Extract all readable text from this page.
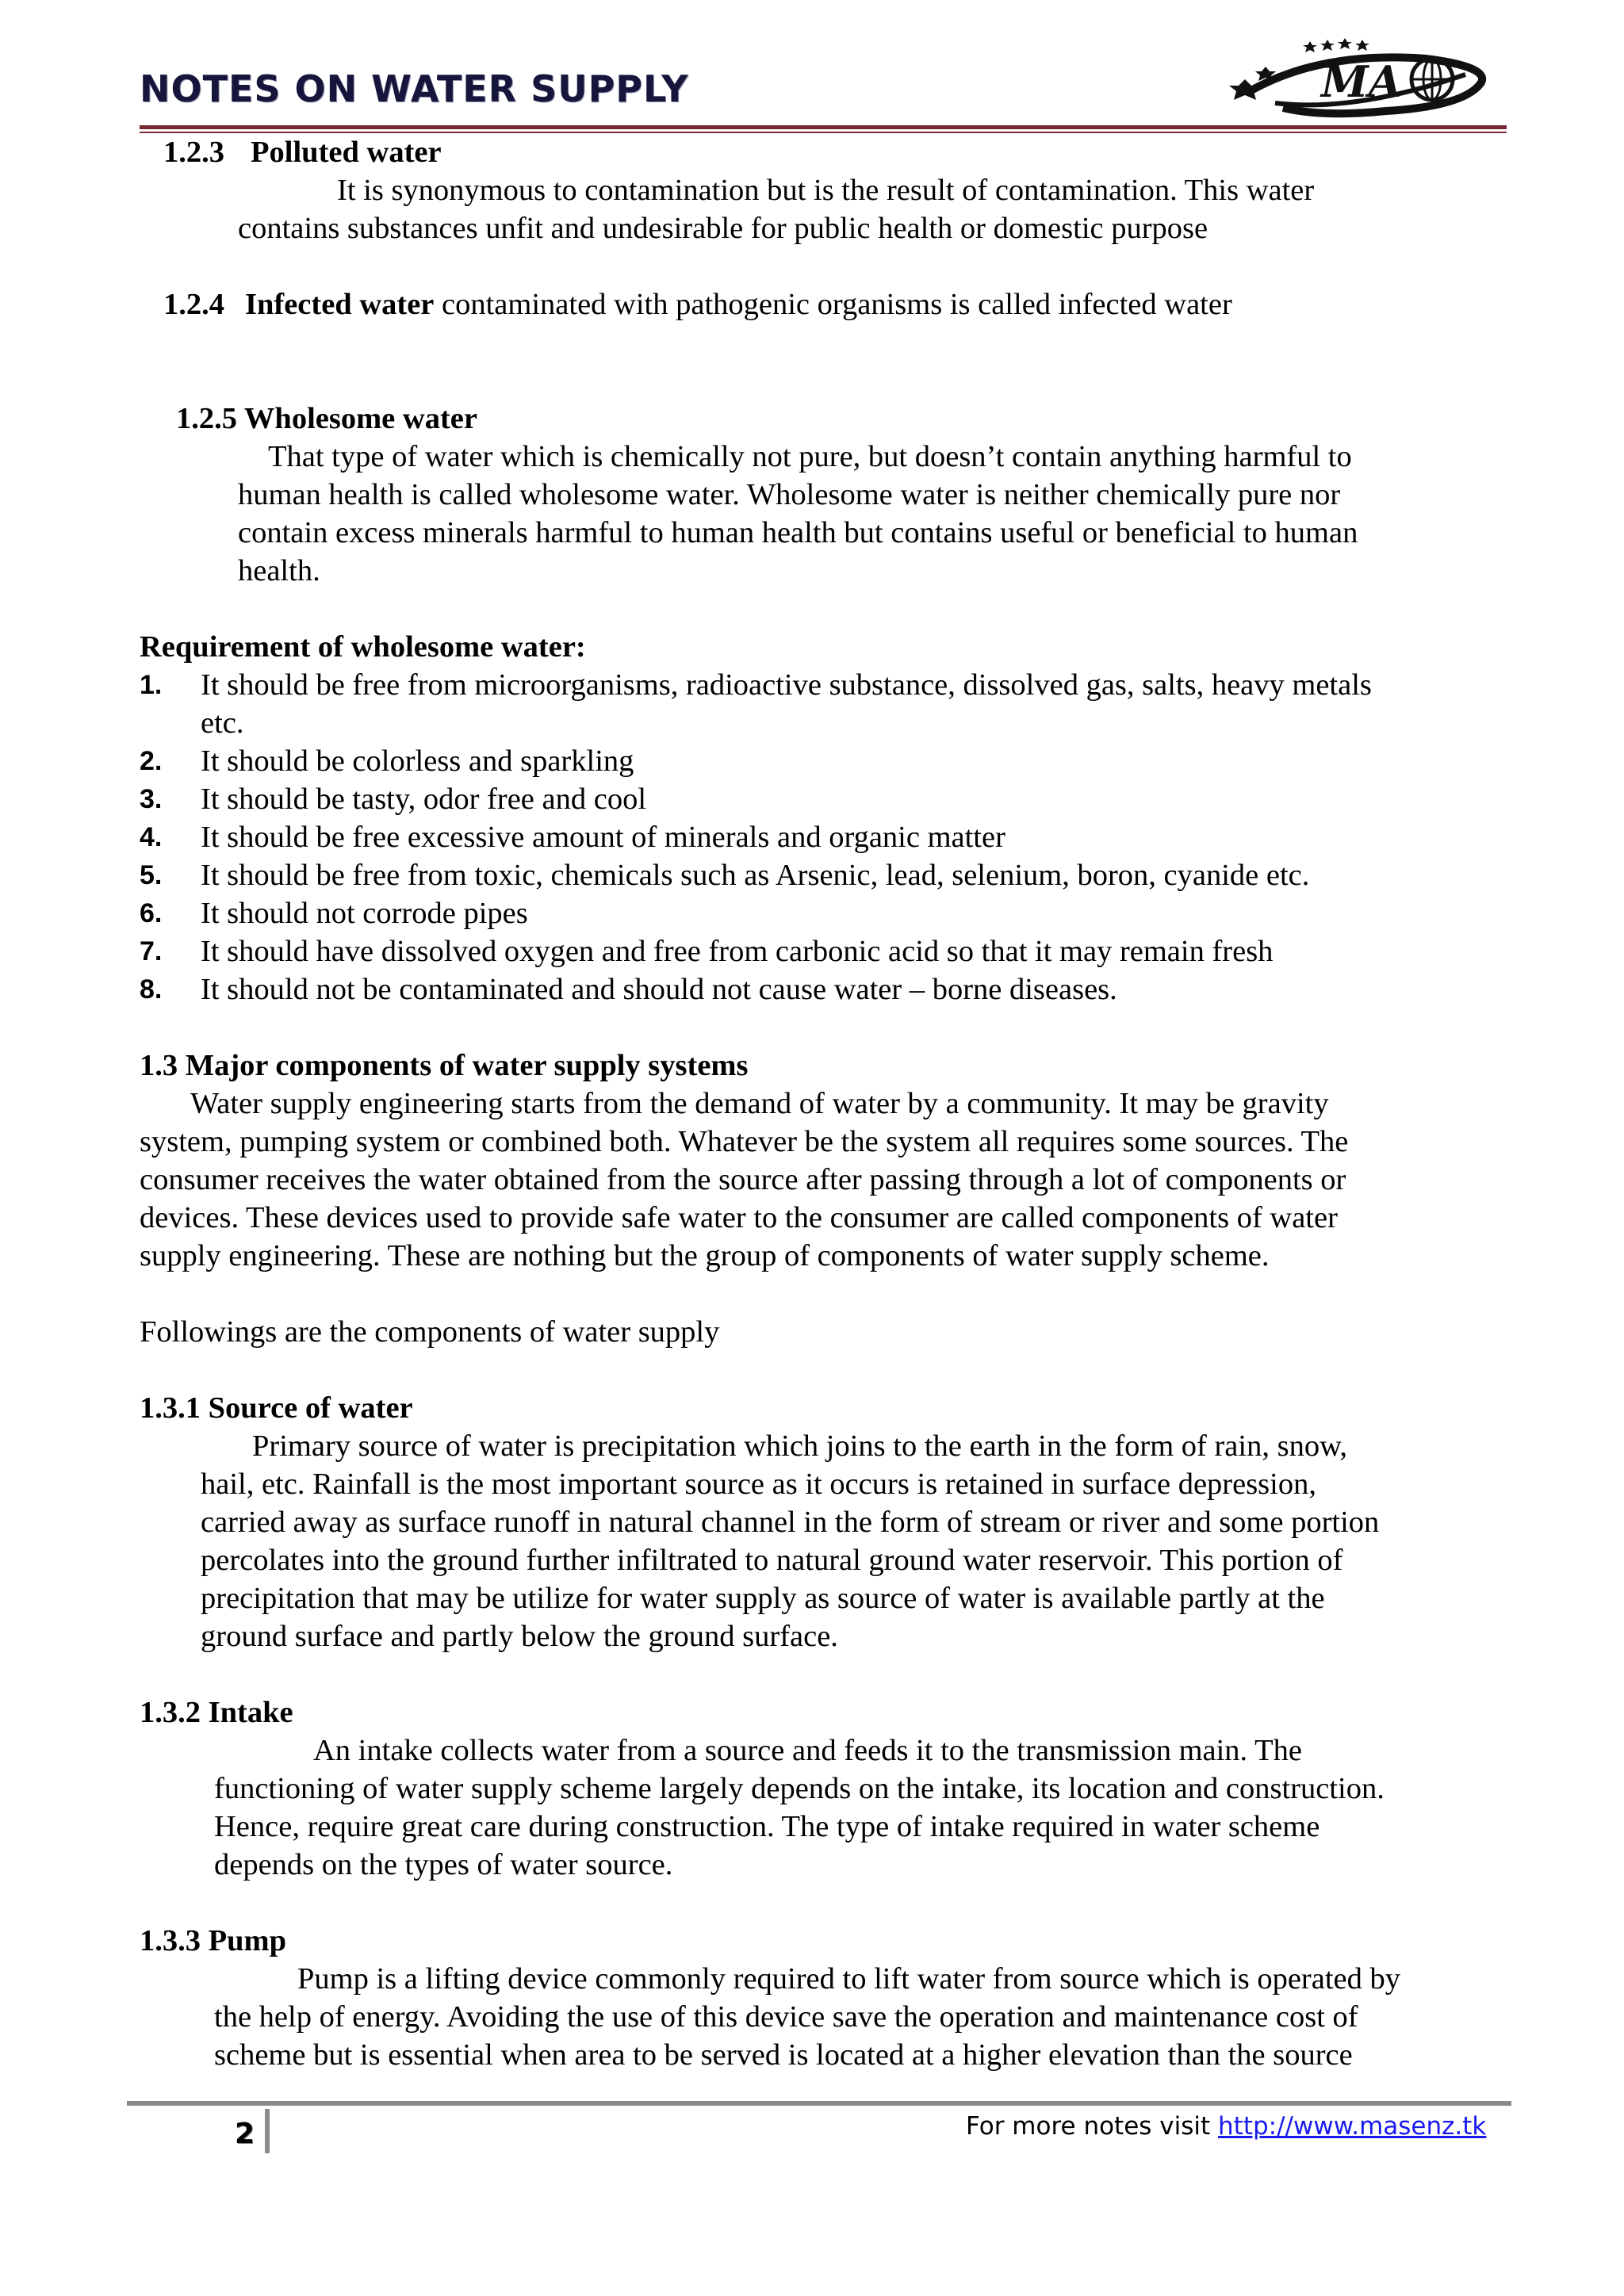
NOTES ON WATER SUPPLY	MA
1.2.3 Polluted water
It is synonymous to contamination but is the result of contamination. This water
contains substances unfit and undesirable for public health or domestic purpose
1.2.4 Infected water contaminated with pathogenic organisms is called infected water
1.2.5 Wholesome water
That type of water which is chemically not pure, but doesn’t contain anything harmful to
human health is called wholesome water. Wholesome water is neither chemically pure nor
contain excess minerals harmful to human health but contains useful or beneficial to human
health.
Requirement of wholesome water:
1. It should be free from microorganisms, radioactive substance, dissolved gas, salts, heavy metals
etc.
2. It should be colorless and sparkling
3. It should be tasty, odor free and cool
4. It should be free excessive amount of minerals and organic matter
5. It should be free from toxic, chemicals such as Arsenic, lead, selenium, boron, cyanide etc.
6. It should not corrode pipes
7. It should have dissolved oxygen and free from carbonic acid so that it may remain fresh
8. It should not be contaminated and should not cause water – borne diseases.
1.3 Major components of water supply systems
Water supply engineering starts from the demand of water by a community. It may be gravity
system, pumping system or combined both. Whatever be the system all requires some sources. The
consumer receives the water obtained from the source after passing through a lot of components or
devices. These devices used to provide safe water to the consumer are called components of water
supply engineering. These are nothing but the group of components of water supply scheme.
Followings are the components of water supply
1.3.1 Source of water
Primary source of water is precipitation which joins to the earth in the form of rain, snow,
hail, etc. Rainfall is the most important source as it occurs is retained in surface depression,
carried away as surface runoff in natural channel in the form of stream or river and some portion
percolates into the ground further infiltrated to natural ground water reservoir. This portion of
precipitation that may be utilize for water supply as source of water is available partly at the
ground surface and partly below the ground surface.
1.3.2 Intake
An intake collects water from a source and feeds it to the transmission main. The
functioning of water supply scheme largely depends on the intake, its location and construction.
Hence, require great care during construction. The type of intake required in water scheme
depends on the types of water source.
1.3.3 Pump
Pump is a lifting device commonly required to lift water from source which is operated by
the help of energy. Avoiding the use of this device save the operation and maintenance cost of
scheme but is essential when area to be served is located at a higher elevation than the source
2	For more notes visit http://www.masenz.tk
